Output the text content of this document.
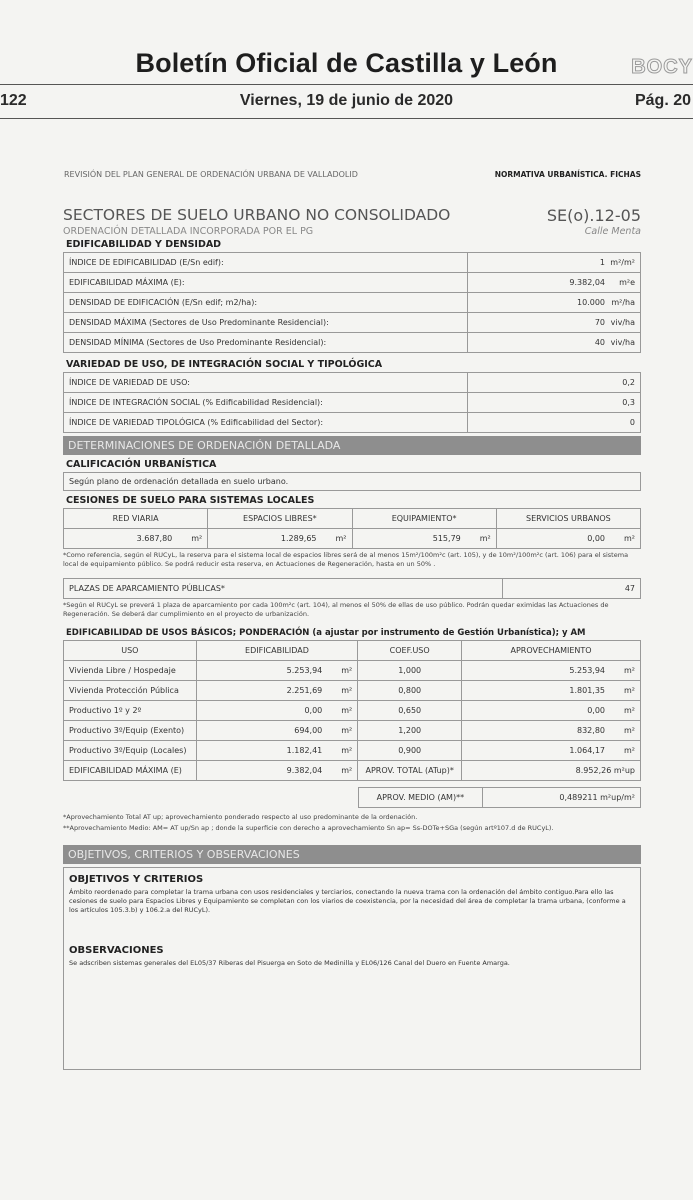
Boletín Oficial de Castilla y León	BOCY
122	Viernes, 19 de junio de 2020	Pág. 20
REVISIÓN DEL PLAN GENERAL DE ORDENACIÓN URBANA DE VALLADOLID	NORMATIVA URBANÍSTICA. FICHAS
SECTORES DE SUELO URBANO NO CONSOLIDADO	SE(o).12-05
ORDENACIÓN DETALLADA INCORPORADA POR EL PG	Calle Menta
EDIFICABILIDAD Y DENSIDAD
ÍNDICE DE EDIFICABILIDAD (E/Sn edif):	1 m²/m²
EDIFICABILIDAD MÁXIMA (E):	9.382,04 m²e
DENSIDAD DE EDIFICACIÓN (E/Sn edif; m2/ha):	10.000 m²/ha
DENSIDAD MÁXIMA (Sectores de Uso Predominante Residencial):	70 viv/ha
DENSIDAD MÍNIMA (Sectores de Uso Predominante Residencial):	40 viv/ha
VARIEDAD DE USO, DE INTEGRACIÓN SOCIAL Y TIPOLÓGICA
ÍNDICE DE VARIEDAD DE USO:	0,2
ÍNDICE DE INTEGRACIÓN SOCIAL (% Edificabilidad Residencial):	0,3
ÍNDICE DE VARIEDAD TIPOLÓGICA (% Edificabilidad del Sector):	0
DETERMINACIONES DE ORDENACIÓN DETALLADA
CALIFICACIÓN URBANÍSTICA
Según plano de ordenación detallada en suelo urbano.
CESIONES DE SUELO PARA SISTEMAS LOCALES
RED VIARIA	ESPACIOS LIBRES*	EQUIPAMIENTO*	SERVICIOS URBANOS
3.687,80 m²	1.289,65 m²	515,79 m²	0,00 m²
*Como referencia, según el RUCyL, la reserva para el sistema local de espacios libres será de al menos 15m²/100m²c (art. 105), y de 10m²/100m²c (art. 106) para el sistema local de equipamiento público. Se podrá reducir esta reserva, en Actuaciones de Regeneración, hasta en un 50% .
PLAZAS DE APARCAMIENTO PÚBLICAS*	47
*Según el RUCyL se preverá 1 plaza de aparcamiento por cada 100m²c (art. 104), al menos el 50% de ellas de uso público. Podrán quedar eximidas las Actuaciones de Regeneración. Se deberá dar cumplimiento en el proyecto de urbanización.
EDIFICABILIDAD DE USOS BÁSICOS; PONDERACIÓN (a ajustar por instrumento de Gestión Urbanística); y AM
USO	EDIFICABILIDAD	COEF.USO	APROVECHAMIENTO
Vivienda Libre / Hospedaje	5.253,94 m²	1,000	5.253,94 m²
Vivienda Protección Pública	2.251,69 m²	0,800	1.801,35 m²
Productivo 1º y 2º	0,00 m²	0,650	0,00 m²
Productivo 3º/Equip (Exento)	694,00 m²	1,200	832,80 m²
Productivo 3º/Equip (Locales)	1.182,41 m²	0,900	1.064,17 m²
EDIFICABILIDAD MÁXIMA (E)	9.382,04 m²	APROV. TOTAL (ATup)*	8.952,26 m²up
APROV. MEDIO (AM)**	0,489211 m²up/m²
*Aprovechamiento Total AT up; aprovechamiento ponderado respecto al uso predominante de la ordenación.
**Aprovechamiento Medio: AM= AT up/Sn ap ; donde la superficie con derecho a aprovechamiento Sn ap= Ss-DOTe+SGa (según artº107.d de RUCyL).
OBJETIVOS, CRITERIOS Y OBSERVACIONES
OBJETIVOS Y CRITERIOS
Ámbito reordenado para completar la trama urbana con usos residenciales y terciarios, conectando la nueva trama con la ordenación del ámbito contiguo.Para ello las cesiones de suelo para Espacios Libres y Equipamiento se completan con los viarios de coexistencia, por la necesidad del área de completar la trama urbana, (conforme a los artículos 105.3.b) y 106.2.a del RUCyL).
OBSERVACIONES
Se adscriben sistemas generales del EL05/37 Riberas del Pisuerga en Soto de Medinilla y EL06/126 Canal del Duero en Fuente Amarga.
